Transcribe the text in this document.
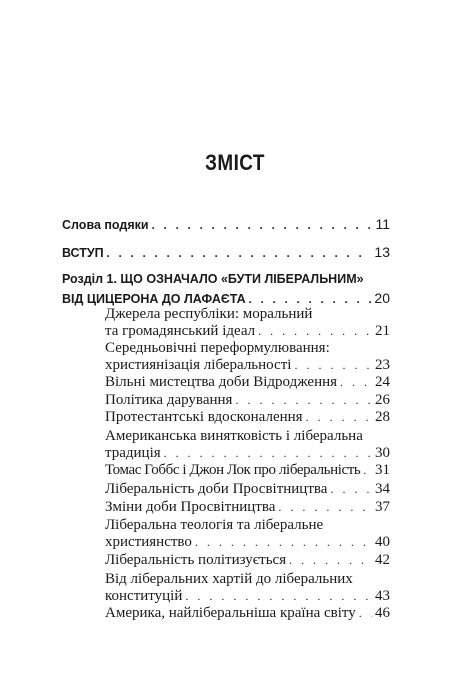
ЗМІСТ
Слова подяки . . .	11
ВСТУП . . .	13
Розділ 1. ЩО ОЗНАЧАЛО «БУТИ ЛІБЕРАЛЬНИМ»
ВІД ЦИЦЕРОНА ДО ЛАФАЄТА . . .	20
Джерела республіки: моральний
та громадянський ідеал . . .	21
Середньовічні переформулювання:
християнізація ліберальності . . .	23
Вільні мистецтва доби Відродження . . .	24
Політика дарування . . .	26
Протестантські вдосконалення . . .	28
Американська винятковість і ліберальна
традиція . . .	30
Томас Гоббс і Джон Лок про ліберальність . . . 31
Ліберальність доби Просвітництва . . .	34
Зміни доби Просвітництва . . .	37
Ліберальна теологія та ліберальне
християнство . . .	40
Ліберальність політизується . . .	42
Від ліберальних хартій до ліберальних
конституцій . . .	43
Америка, найліберальніша країна світу . . . 46
